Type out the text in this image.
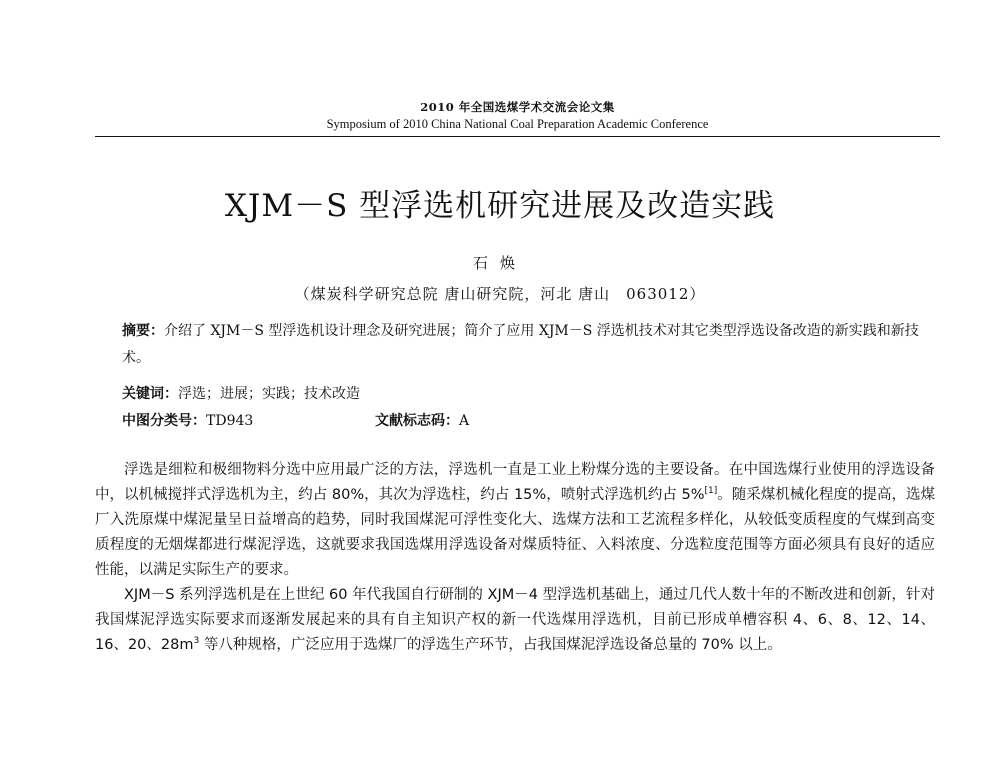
2010 年全国选煤学术交流会论文集
Symposium of 2010 China National Coal Preparation Academic Conference
XJM－S 型浮选机研究进展及改造实践
石焕
（煤炭科学研究总院 唐山研究院，河北 唐山　063012）
摘要：介绍了 XJM－S 型浮选机设计理念及研究进展；简介了应用 XJM－S 浮选机技术对其它类型浮选设备改造的新实践和新技术。
关键词：浮选；进展；实践；技术改造
中图分类号：TD943	文献标志码：A

浮选是细粒和极细物料分选中应用最广泛的方法，浮选机一直是工业上粉煤分选的主要设备。在中国选煤行业使用的浮选设备中，以机械搅拌式浮选机为主，约占 80%，其次为浮选柱，约占 15%，喷射式浮选机约占 5%[1]。随采煤机械化程度的提高，选煤厂入洗原煤中煤泥量呈日益增高的趋势，同时我国煤泥可浮性变化大、选煤方法和工艺流程多样化，从较低变质程度的气煤到高变质程度的无烟煤都进行煤泥浮选，这就要求我国选煤用浮选设备对煤质特征、入料浓度、分选粒度范围等方面必须具有良好的适应性能，以满足实际生产的要求。

XJM－S 系列浮选机是在上世纪 60 年代我国自行研制的 XJM－4 型浮选机基础上，通过几代人数十年的不断改进和创新，针对我国煤泥浮选实际要求而逐渐发展起来的具有自主知识产权的新一代选煤用浮选机，目前已形成单槽容积 4、6、8、12、14、16、20、$28m^3$ 等八种规格，广泛应用于选煤厂的浮选生产环节，占我国煤泥浮选设备总量的 70% 以上。
